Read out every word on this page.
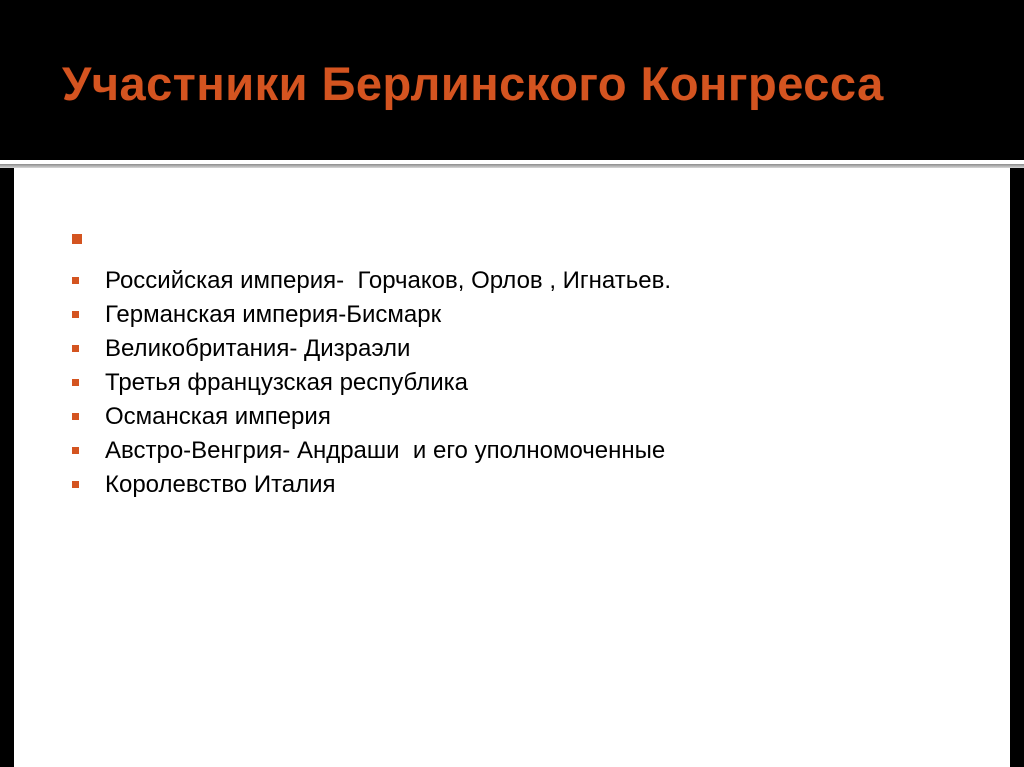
Участники Берлинского Конгресса
Российская империя-  Горчаков, Орлов , Игнатьев.
Германская империя-Бисмарк
Великобритания- Дизраэли
Третья французская республика
Османская империя
Австро-Венгрия- Андраши  и его уполномоченные
Королевство Италия
